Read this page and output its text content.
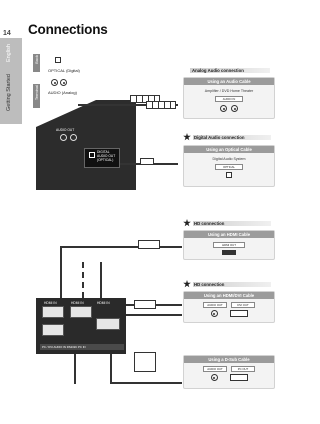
14
English
Getting Started
Connections
Back
Terminal
OPTICAL (Digital)
AUDIO (Analog)
AUDIO OUT
DIGITAL AUDIO OUT (OPTICAL)
Analog Audio connection
Using an Audio Cable
Amplifier / DVD Home Theater
AUDIO IN
Digital Audio connection
Using an Optical Cable
Digital Audio System
OPTICAL
HD connection
Using an HDMI Cable
HDMI OUT
HD connection
Using an HDMI/DVI Cable
AUDIO OUT	DVI OUT
HDMI IN	HDMI IN	HDMI IN
PC / DVI AUDIO IN RS232C PC IN
Using a D-Sub Cable
AUDIO OUT	PC OUT
